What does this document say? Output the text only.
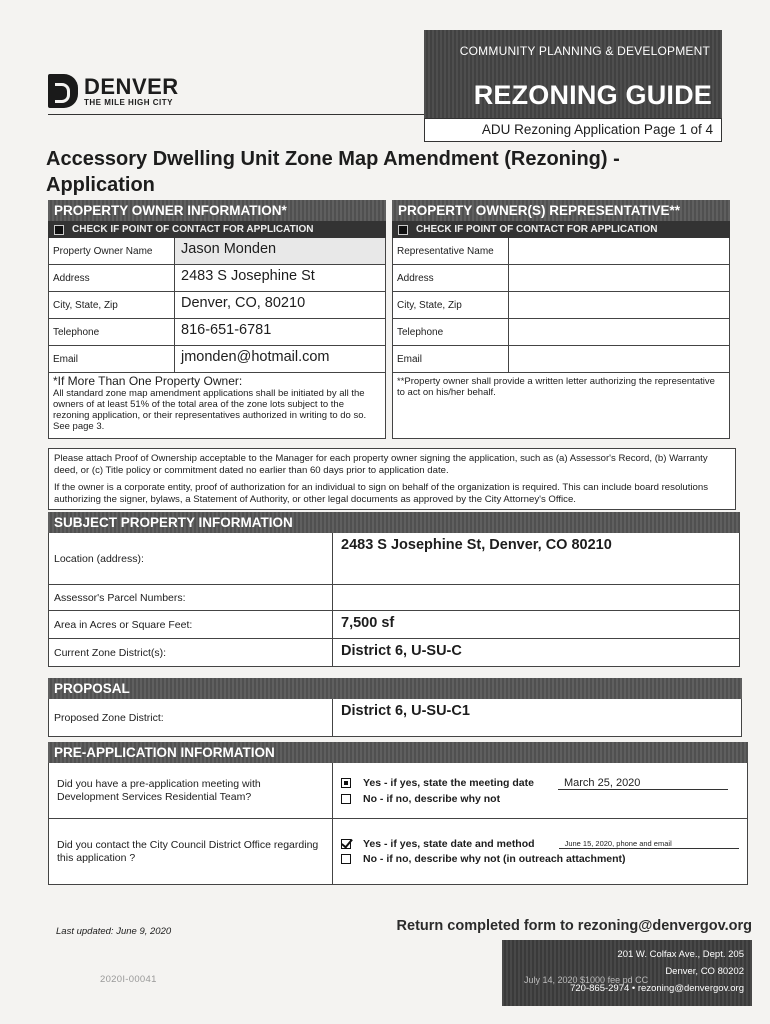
DENVER
THE MILE HIGH CITY
COMMUNITY PLANNING & DEVELOPMENT
REZONING GUIDE
ADU Rezoning Application Page 1 of 4
Accessory Dwelling Unit Zone Map Amendment (Rezoning) - Application
PROPERTY OWNER INFORMATION*
CHECK IF POINT OF CONTACT FOR APPLICATION
Property Owner Name	Jason Monden
Address	2483 S Josephine St
City, State, Zip	Denver, CO, 80210
Telephone	816-651-6781
Email	jmonden@hotmail.com
*If More Than One Property Owner:
All standard zone map amendment applications shall be initiated by all the owners of at least 51% of the total area of the zone lots subject to the rezoning application, or their representatives authorized in writing to do so. See page 3.
PROPERTY OWNER(S) REPRESENTATIVE**
CHECK IF POINT OF CONTACT FOR APPLICATION
Representative Name
Address
City, State, Zip
Telephone
Email
**Property owner shall provide a written letter authorizing the representative to act on his/her behalf.

Please attach Proof of Ownership acceptable to the Manager for each property owner signing the application, such as (a) Assessor's Record, (b) Warranty deed, or (c) Title policy or commitment dated no earlier than 60 days prior to application date.

If the owner is a corporate entity, proof of authorization for an individual to sign on behalf of the organization is required. This can include board resolutions authorizing the signer, bylaws, a Statement of Authority, or other legal documents as approved by the City Attorney's Office.

SUBJECT PROPERTY INFORMATION
Location (address):
2483 S Josephine St, Denver, CO 80210
Assessor's Parcel Numbers:
Area in Acres or Square Feet:	7,500 sf
Current Zone District(s):	District 6, U-SU-C
PROPOSAL
Proposed Zone District:	District 6, U-SU-C1
PRE-APPLICATION INFORMATION
Did you have a pre-application meeting with Development Services Residential Team?
Yes - if yes, state the meeting date	March 25, 2020
No - if no, describe why not
Did you contact the City Council District Office regarding this application ?
Yes - if yes, state date and method	June 15, 2020, phone and email
No - if no, describe why not (in outreach attachment)
Last updated: June 9, 2020	Return completed form to rezoning@denvergov.org
201 W. Colfax Ave., Dept. 205
Denver, CO 80202
720-865-2974 • rezoning@denvergov.org
July 14, 2020 $1000 fee pd CC
2020I-00041
